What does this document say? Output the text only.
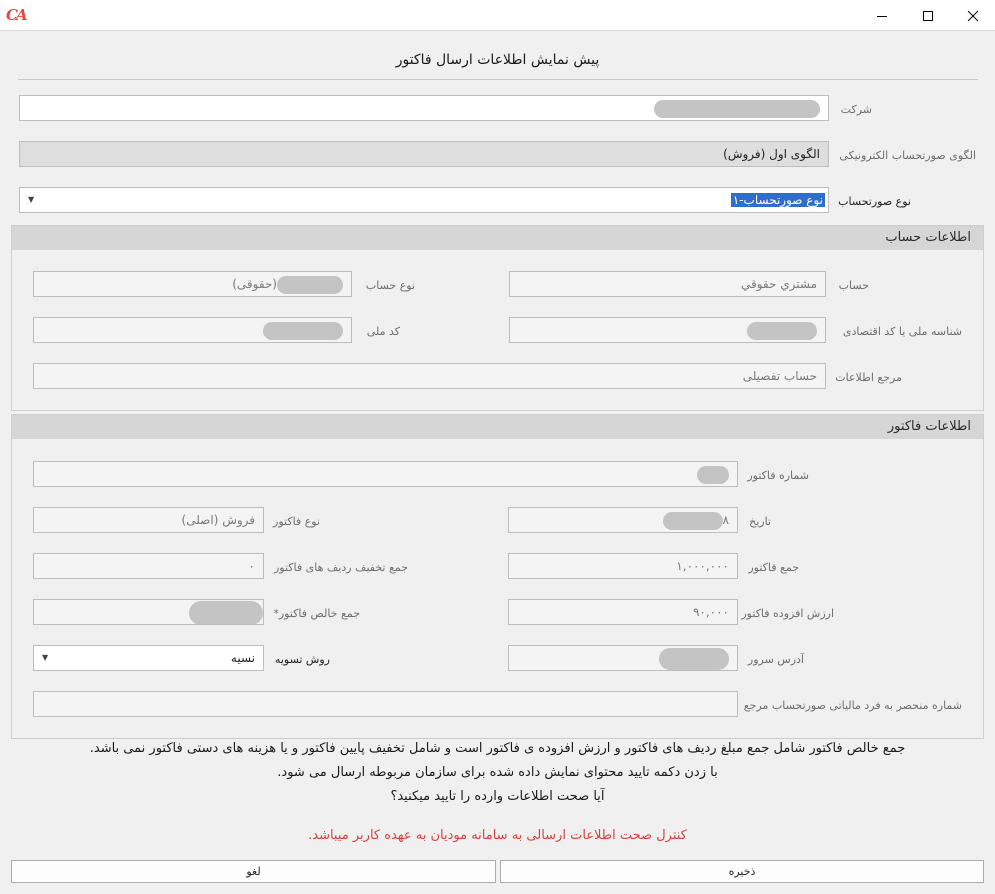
CA
پیش نمایش اطلاعات ارسال فاکتور
شرکت
الگوی اول (فروش)	الگوی صورتحساب الکترونیکی
نوع صورتحساب-۱
▼	نوع صورتحساب
اطلاعات حساب
مشتري حقوقي	حساب
(حقوقی)	نوع حساب
شناسه ملی یا کد اقتصادی
کد ملی
حساب تفصیلی	مرجع اطلاعات
اطلاعات فاکتور
شماره فاکتور
۸	تاریخ
فروش (اصلی)	نوع فاکتور
۱,۰۰۰,۰۰۰	جمع فاکتور
۰	جمع تخفیف ردیف های فاکتور
۹۰,۰۰۰	ارزش افزوده فاکتور
جمع خالص فاکتور*
آدرس سرور
نسیه
▼	روش تسویه
شماره منحصر به فرد مالیاتی صورتحساب مرجع
جمع خالص فاکتور شامل جمع مبلغ ردیف های فاکتور و ارزش افزوده ی فاکتور است و شامل تخفیف پایین فاکتور و یا هزینه های دستی فاکتور نمی باشد.
با زدن دکمه تایید محتوای نمایش داده شده برای سازمان مربوطه ارسال می شود.
آیا صحت اطلاعات وارده را تایید میکنید؟
کنترل صحت اطلاعات ارسالی به سامانه مودیان به عهده کاربر میباشد.
ذخیره
لغو
